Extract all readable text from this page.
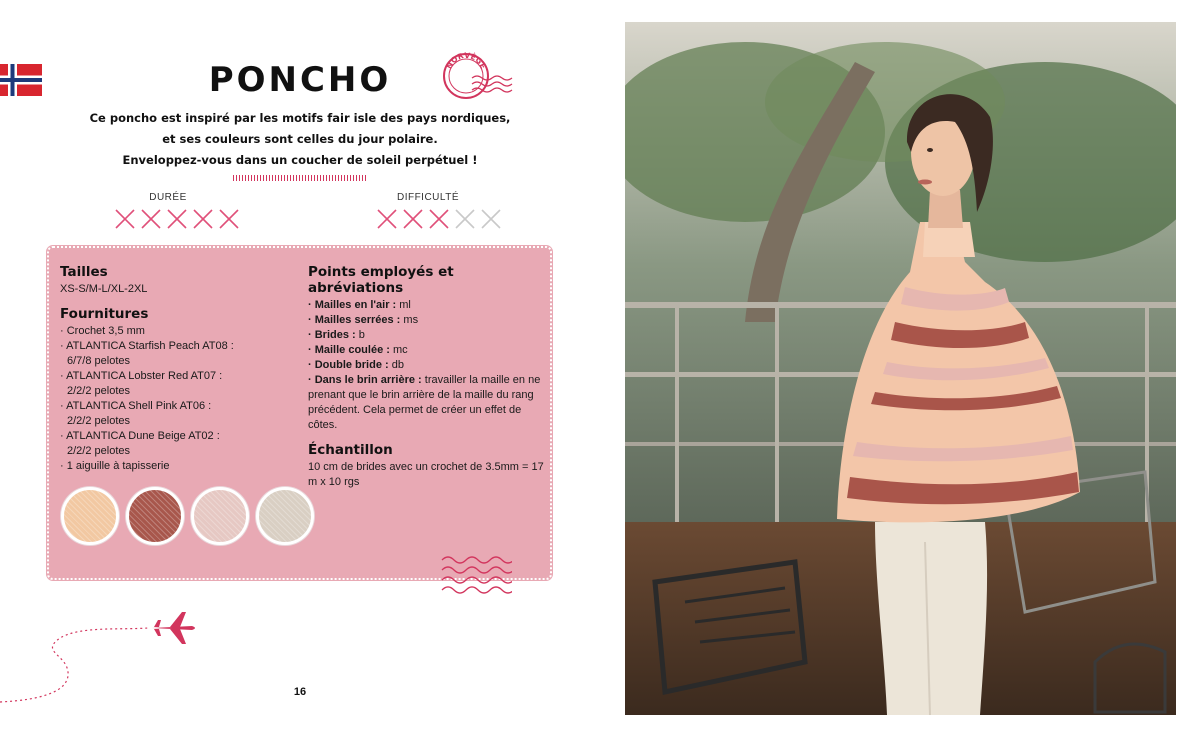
PONCHO	NORVÈGE
Ce poncho est inspiré par les motifs fair isle des pays nordiques,
et ses couleurs sont celles du jour polaire.
Enveloppez-vous dans un coucher de soleil perpétuel !
DURÉE	DIFFICULTÉ
Tailles
XS-S/M-L/XL-2XL
Fournitures
· Crochet 3,5 mm
· ATLANTICA Starfish Peach AT08 :
6/7/8 pelotes
· ATLANTICA Lobster Red AT07 :
2/2/2 pelotes
· ATLANTICA Shell Pink AT06 :
2/2/2 pelotes
· ATLANTICA Dune Beige AT02 :
2/2/2 pelotes
· 1 aiguille à tapisserie
Points employés et abréviations
· Mailles en l'air : ml
· Mailles serrées : ms
· Brides : b
· Maille coulée : mc
· Double bride : db
· Dans le brin arrière : travailler la maille en ne prenant que le brin arrière de la maille du rang précédent. Cela permet de créer un effet de côtes.
Échantillon
10 cm de brides avec un crochet de 3.5mm = 17 m x 10 rgs
16
